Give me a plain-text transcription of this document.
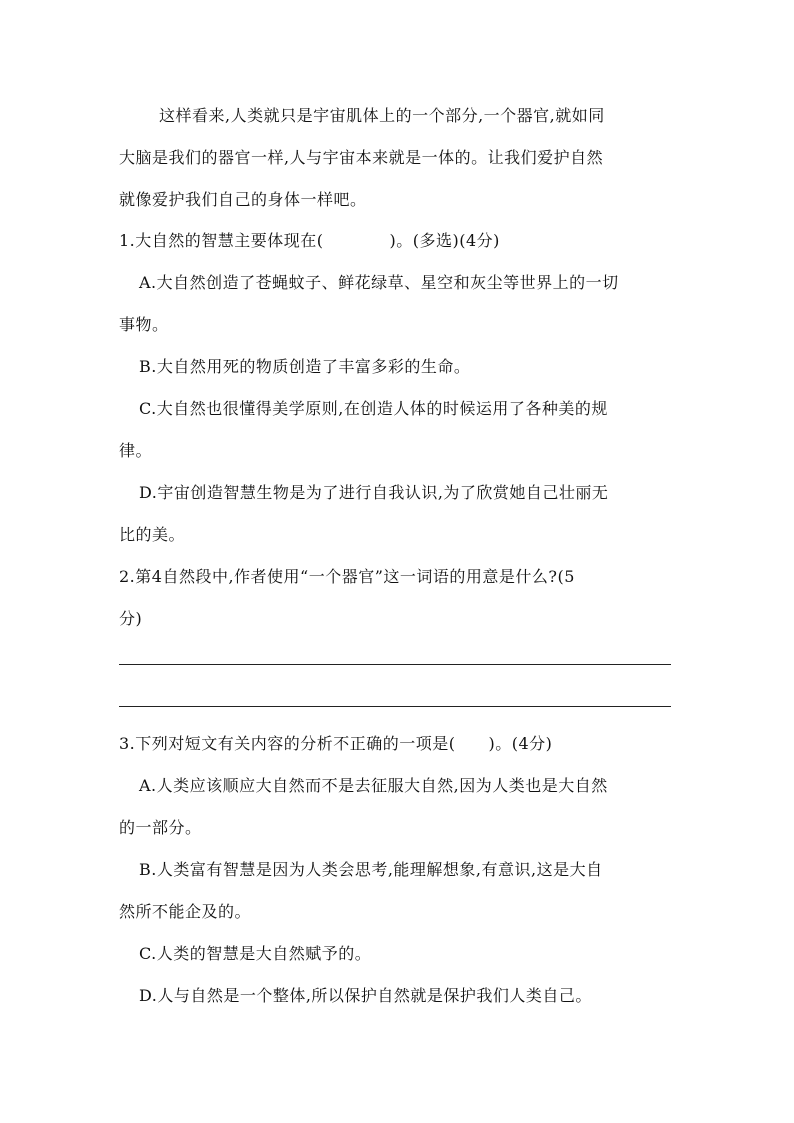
这样看来,人类就只是宇宙肌体上的一个部分,一个器官,就如同
大脑是我们的器官一样,人与宇宙本来就是一体的。让我们爱护自然
就像爱护我们自己的身体一样吧。
1.大自然的智慧主要体现在(　　　　)。(多选)(4分)
A.大自然创造了苍蝇蚊子、鲜花绿草、星空和灰尘等世界上的一切
事物。
B.大自然用死的物质创造了丰富多彩的生命。
C.大自然也很懂得美学原则,在创造人体的时候运用了各种美的规
律。
D.宇宙创造智慧生物是为了进行自我认识,为了欣赏她自己壮丽无
比的美。
2.第4自然段中,作者使用“一个器官”这一词语的用意是什么?(5
分)
3.下列对短文有关内容的分析不正确的一项是(　　)。(4分)
A.人类应该顺应大自然而不是去征服大自然,因为人类也是大自然
的一部分。
B.人类富有智慧是因为人类会思考,能理解想象,有意识,这是大自
然所不能企及的。
C.人类的智慧是大自然赋予的。
D.人与自然是一个整体,所以保护自然就是保护我们人类自己。
